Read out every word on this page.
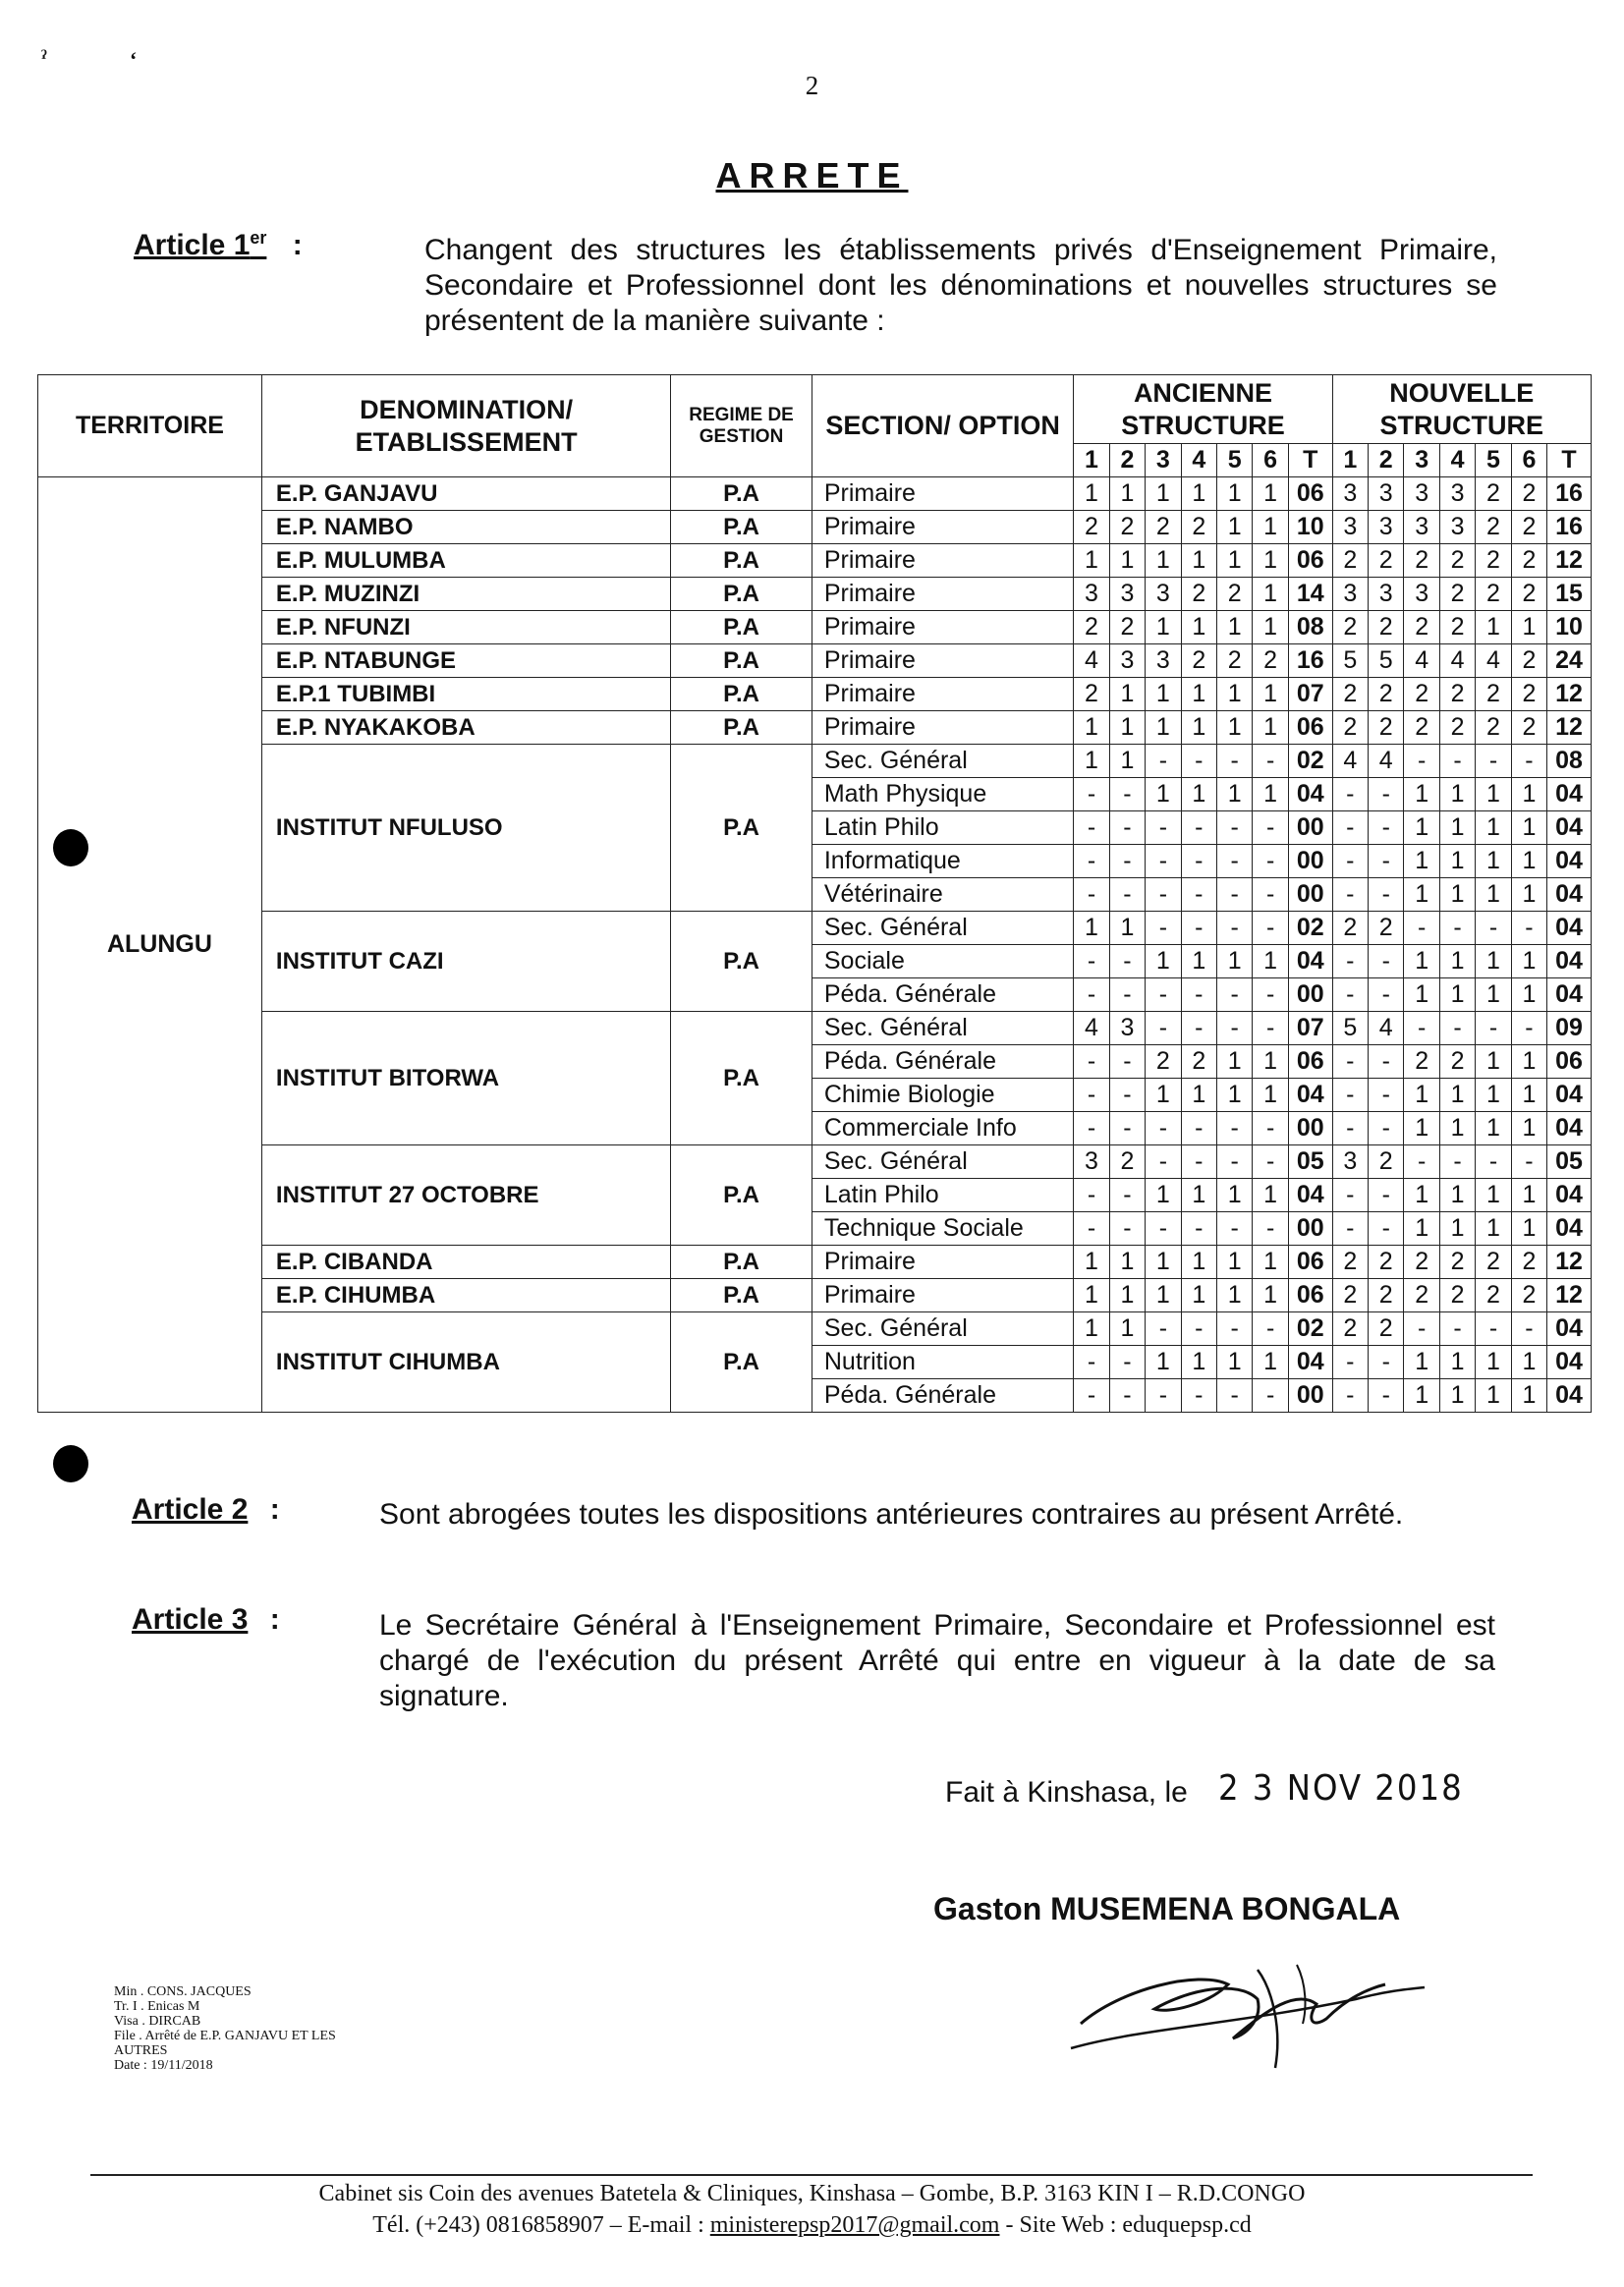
ˀ	ʻ
2
ARRETE
Article 1er :	Changent des structures les établissements privés d'Enseignement Primaire, Secondaire et Professionnel dont les dénominations et nouvelles structures se présentent de la manière suivante :
TERRITOIRE	DENOMINATION/ ETABLISSEMENT	REGIME DE GESTION	SECTION/ OPTION	ANCIENNE STRUCTURE							NOUVELLE STRUCTURE						
				1	2	3	4	5	6	T	1	2	3	4	5	6	T
ALUNGU	E.P. GANJAVU	P.A	Primaire	1	1	1	1	1	1	06	3	3	3	3	2	2	16
	E.P. NAMBO	P.A	Primaire	2	2	2	2	1	1	10	3	3	3	3	2	2	16
	E.P. MULUMBA	P.A	Primaire	1	1	1	1	1	1	06	2	2	2	2	2	2	12
	E.P. MUZINZI	P.A	Primaire	3	3	3	2	2	1	14	3	3	3	2	2	2	15
	E.P. NFUNZI	P.A	Primaire	2	2	1	1	1	1	08	2	2	2	2	1	1	10
	E.P. NTABUNGE	P.A	Primaire	4	3	3	2	2	2	16	5	5	4	4	4	2	24
	E.P.1 TUBIMBI	P.A	Primaire	2	1	1	1	1	1	07	2	2	2	2	2	2	12
	E.P. NYAKAKOBA	P.A	Primaire	1	1	1	1	1	1	06	2	2	2	2	2	2	12
	INSTITUT NFULUSO	P.A	Sec. Général	1	1	-	-	-	-	02	4	4	-	-	-	-	08
			Math Physique	-	-	1	1	1	1	04	-	-	1	1	1	1	04
			Latin Philo	-	-	-	-	-	-	00	-	-	1	1	1	1	04
			Informatique	-	-	-	-	-	-	00	-	-	1	1	1	1	04
			Vétérinaire	-	-	-	-	-	-	00	-	-	1	1	1	1	04
	INSTITUT CAZI	P.A	Sec. Général	1	1	-	-	-	-	02	2	2	-	-	-	-	04
			Sociale	-	-	1	1	1	1	04	-	-	1	1	1	1	04
			Péda. Générale	-	-	-	-	-	-	00	-	-	1	1	1	1	04
	INSTITUT BITORWA	P.A	Sec. Général	4	3	-	-	-	-	07	5	4	-	-	-	-	09
			Péda. Générale	-	-	2	2	1	1	06	-	-	2	2	1	1	06
			Chimie Biologie	-	-	1	1	1	1	04	-	-	1	1	1	1	04
			Commerciale Info	-	-	-	-	-	-	00	-	-	1	1	1	1	04
	INSTITUT 27 OCTOBRE	P.A	Sec. Général	3	2	-	-	-	-	05	3	2	-	-	-	-	05
			Latin Philo	-	-	1	1	1	1	04	-	-	1	1	1	1	04
			Technique Sociale	-	-	-	-	-	-	00	-	-	1	1	1	1	04
	E.P. CIBANDA	P.A	Primaire	1	1	1	1	1	1	06	2	2	2	2	2	2	12
	E.P. CIHUMBA	P.A	Primaire	1	1	1	1	1	1	06	2	2	2	2	2	2	12
	INSTITUT CIHUMBA	P.A	Sec. Général	1	1	-	-	-	-	02	2	2	-	-	-	-	04
			Nutrition	-	-	1	1	1	1	04	-	-	1	1	1	1	04
			Péda. Générale	-	-	-	-	-	-	00	-	-	1	1	1	1	04
Article 2 :	Sont abrogées toutes les dispositions antérieures contraires au présent Arrêté.
Article 3 :	Le Secrétaire Général à l'Enseignement Primaire, Secondaire et Professionnel est chargé de l'exécution du présent Arrêté qui entre en vigueur à la date de sa signature.
Fait à Kinshasa, le 2 3 NOV 2018
Gaston MUSEMENA BONGALA
Min . CONS. JACQUES
Tr. I . Enicas M
Visa . DIRCAB
File . Arrêté de E.P. GANJAVU ET LES
AUTRES
Date : 19/11/2018
Cabinet sis Coin des avenues Batetela & Cliniques, Kinshasa – Gombe, B.P. 3163 KIN I – R.D.CONGO
Tél. (+243) 0816858907 – E-mail : ministerepsp2017@gmail.com - Site Web : eduquepsp.cd
